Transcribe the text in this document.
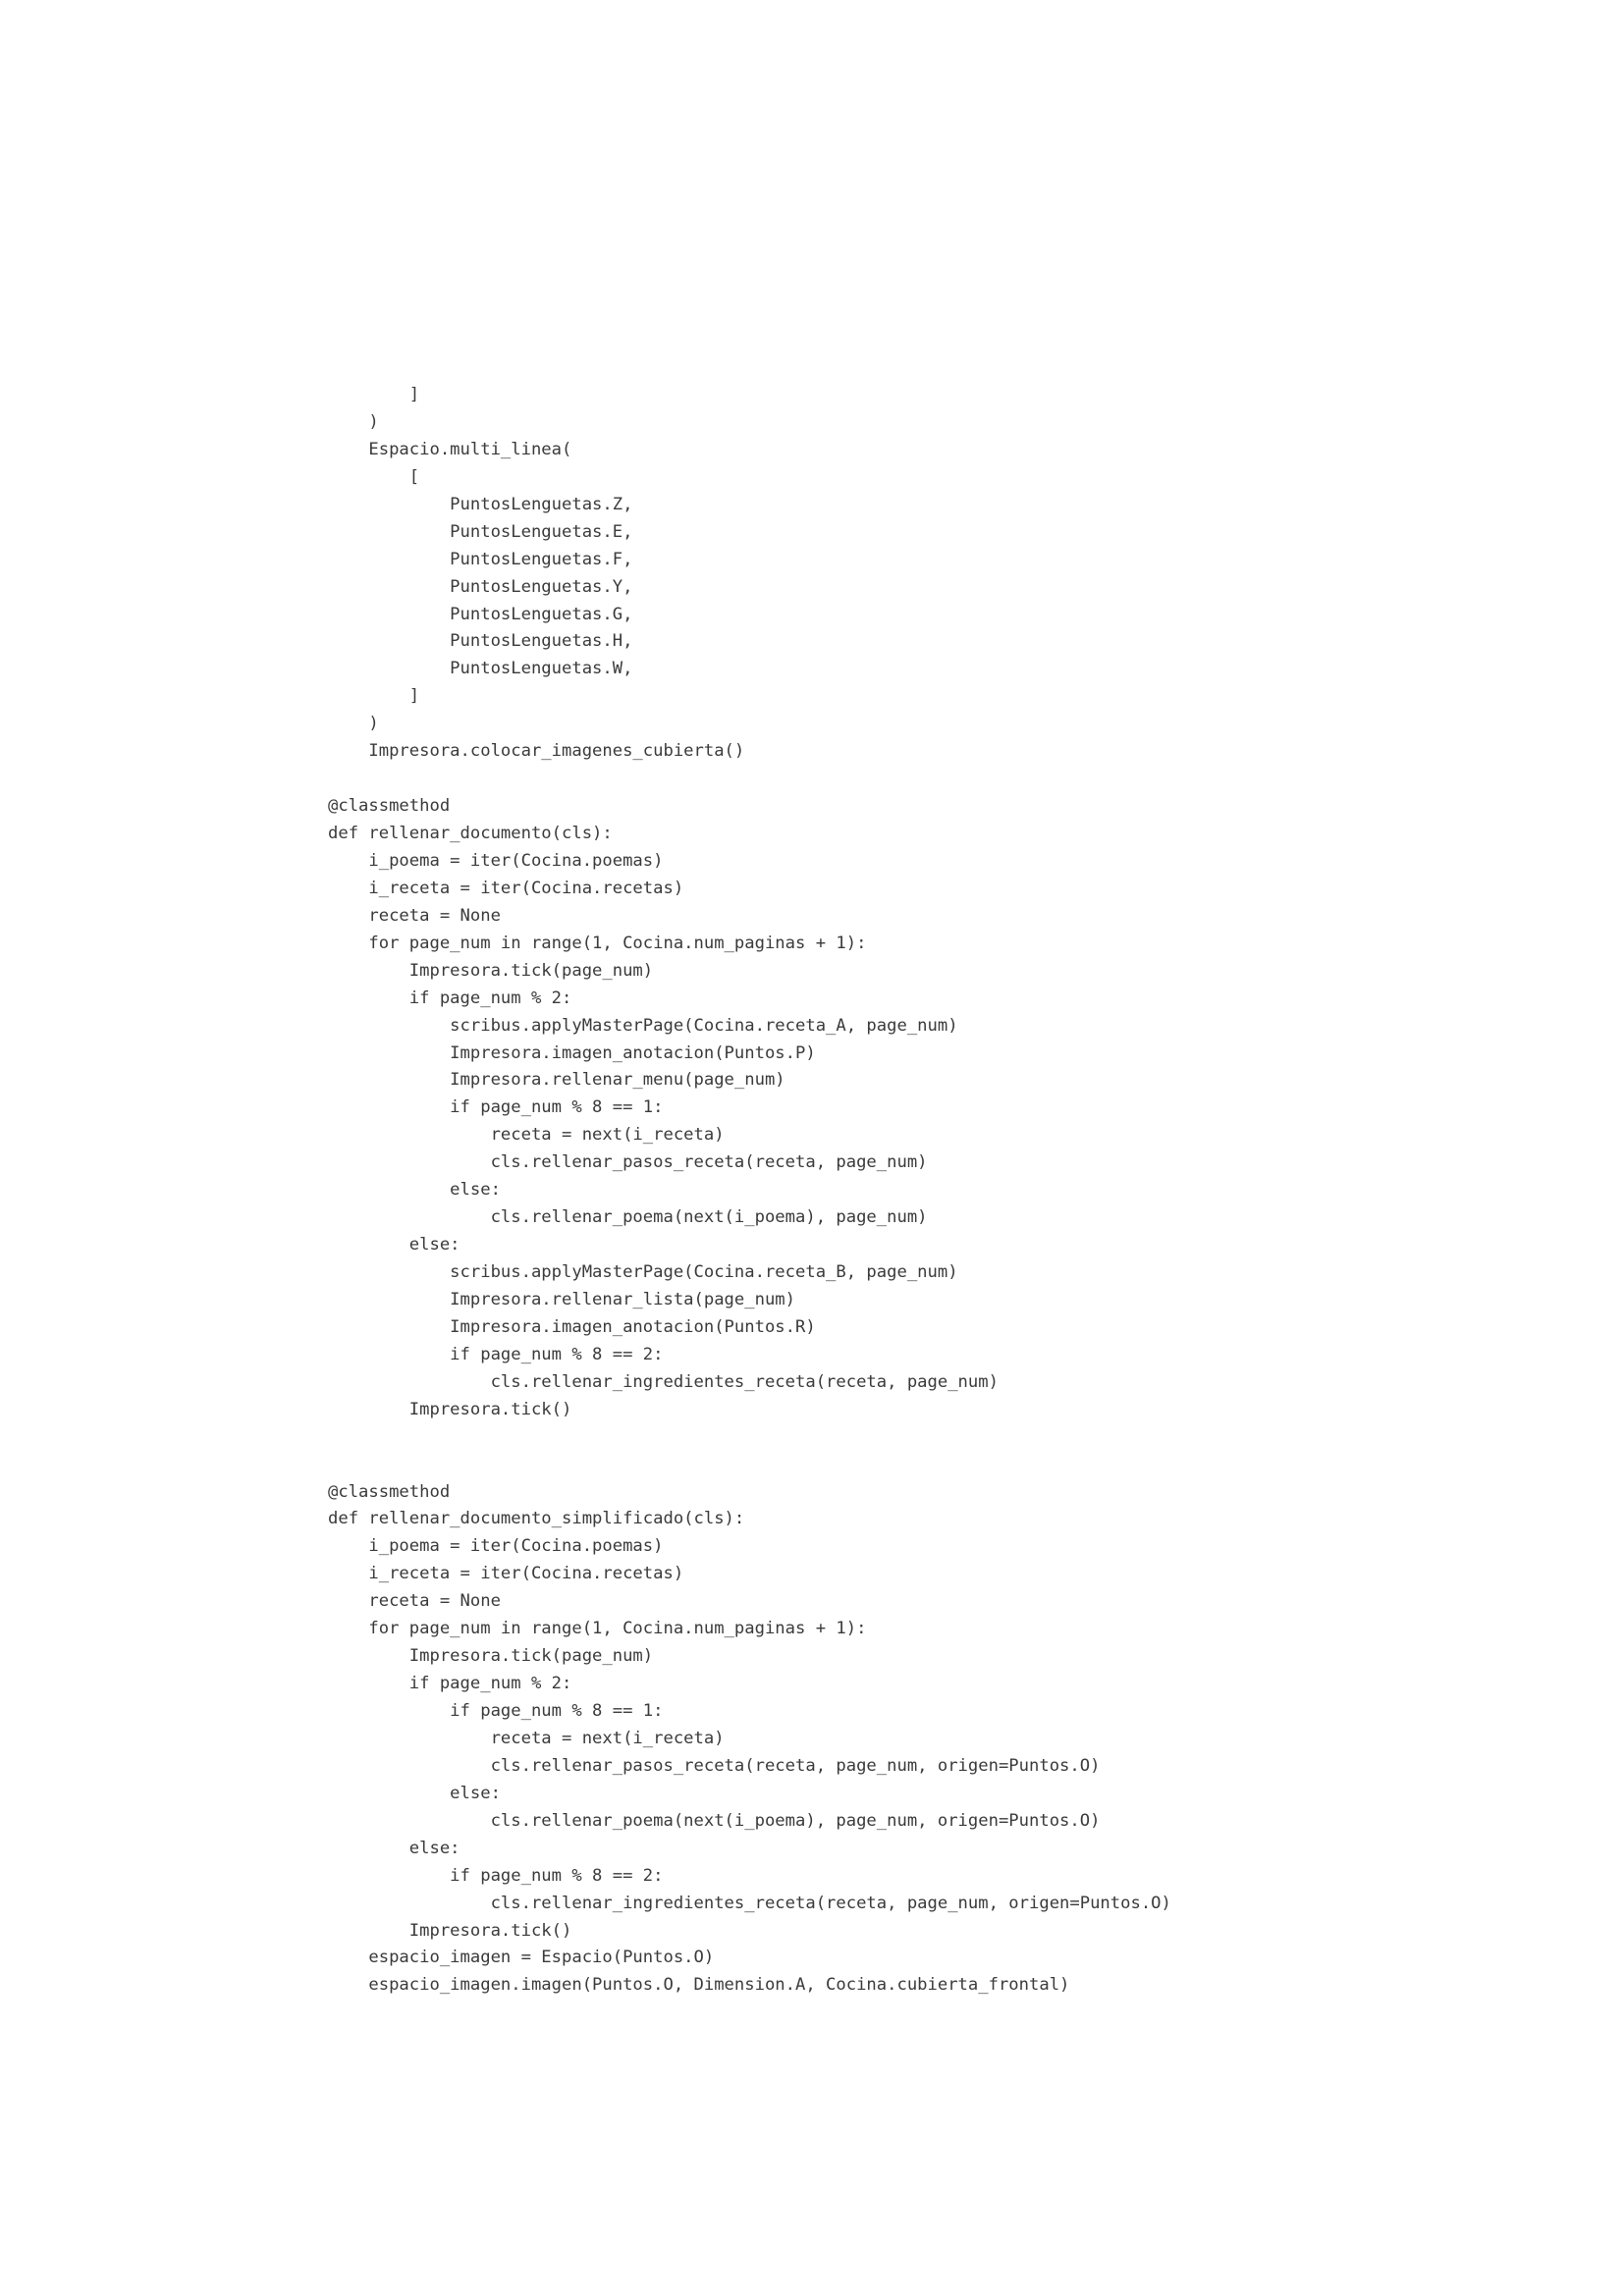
]
)
Espacio.multi_linea(
[
PuntosLenguetas.Z,
PuntosLenguetas.E,
PuntosLenguetas.F,
PuntosLenguetas.Y,
PuntosLenguetas.G,
PuntosLenguetas.H,
PuntosLenguetas.W,
]
)
Impresora.colocar_imagenes_cubierta()
@classmethod
def rellenar_documento(cls):
i_poema = iter(Cocina.poemas)
i_receta = iter(Cocina.recetas)
receta = None
for page_num in range(1, Cocina.num_paginas + 1):
Impresora.tick(page_num)
if page_num % 2:
scribus.applyMasterPage(Cocina.receta_A, page_num)
Impresora.imagen_anotacion(Puntos.P)
Impresora.rellenar_menu(page_num)
if page_num % 8 == 1:
receta = next(i_receta)
cls.rellenar_pasos_receta(receta, page_num)
else:
cls.rellenar_poema(next(i_poema), page_num)
else:
scribus.applyMasterPage(Cocina.receta_B, page_num)
Impresora.rellenar_lista(page_num)
Impresora.imagen_anotacion(Puntos.R)
if page_num % 8 == 2:
cls.rellenar_ingredientes_receta(receta, page_num)
Impresora.tick()
@classmethod
def rellenar_documento_simplificado(cls):
i_poema = iter(Cocina.poemas)
i_receta = iter(Cocina.recetas)
receta = None
for page_num in range(1, Cocina.num_paginas + 1):
Impresora.tick(page_num)
if page_num % 2:
if page_num % 8 == 1:
receta = next(i_receta)
cls.rellenar_pasos_receta(receta, page_num, origen=Puntos.O)
else:
cls.rellenar_poema(next(i_poema), page_num, origen=Puntos.O)
else:
if page_num % 8 == 2:
cls.rellenar_ingredientes_receta(receta, page_num, origen=Puntos.O)
Impresora.tick()
espacio_imagen = Espacio(Puntos.O)
espacio_imagen.imagen(Puntos.O, Dimension.A, Cocina.cubierta_frontal)
